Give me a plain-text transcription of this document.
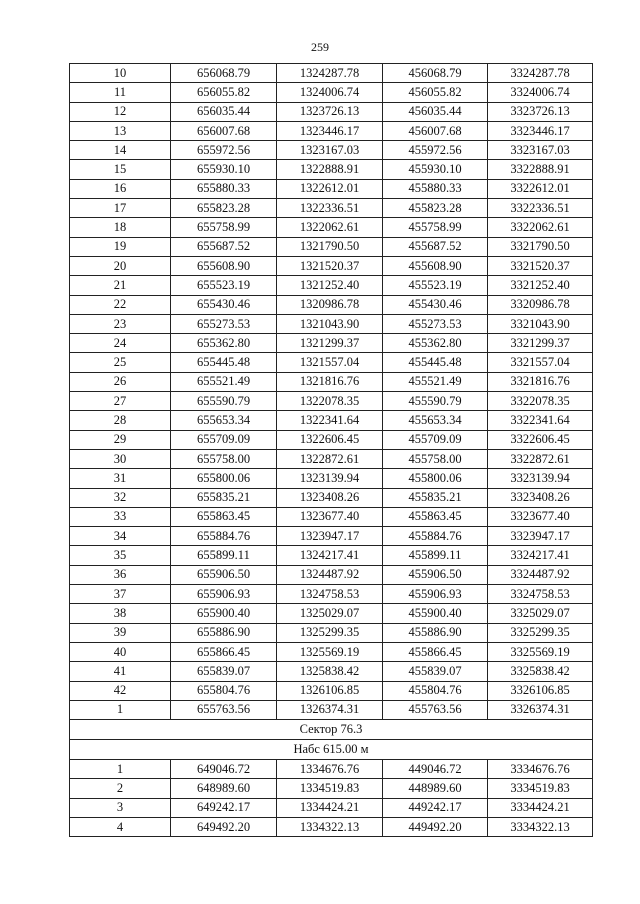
259
10	656068.79	1324287.78	456068.79	3324287.78
11	656055.82	1324006.74	456055.82	3324006.74
12	656035.44	1323726.13	456035.44	3323726.13
13	656007.68	1323446.17	456007.68	3323446.17
14	655972.56	1323167.03	455972.56	3323167.03
15	655930.10	1322888.91	455930.10	3322888.91
16	655880.33	1322612.01	455880.33	3322612.01
17	655823.28	1322336.51	455823.28	3322336.51
18	655758.99	1322062.61	455758.99	3322062.61
19	655687.52	1321790.50	455687.52	3321790.50
20	655608.90	1321520.37	455608.90	3321520.37
21	655523.19	1321252.40	455523.19	3321252.40
22	655430.46	1320986.78	455430.46	3320986.78
23	655273.53	1321043.90	455273.53	3321043.90
24	655362.80	1321299.37	455362.80	3321299.37
25	655445.48	1321557.04	455445.48	3321557.04
26	655521.49	1321816.76	455521.49	3321816.76
27	655590.79	1322078.35	455590.79	3322078.35
28	655653.34	1322341.64	455653.34	3322341.64
29	655709.09	1322606.45	455709.09	3322606.45
30	655758.00	1322872.61	455758.00	3322872.61
31	655800.06	1323139.94	455800.06	3323139.94
32	655835.21	1323408.26	455835.21	3323408.26
33	655863.45	1323677.40	455863.45	3323677.40
34	655884.76	1323947.17	455884.76	3323947.17
35	655899.11	1324217.41	455899.11	3324217.41
36	655906.50	1324487.92	455906.50	3324487.92
37	655906.93	1324758.53	455906.93	3324758.53
38	655900.40	1325029.07	455900.40	3325029.07
39	655886.90	1325299.35	455886.90	3325299.35
40	655866.45	1325569.19	455866.45	3325569.19
41	655839.07	1325838.42	455839.07	3325838.42
42	655804.76	1326106.85	455804.76	3326106.85
1	655763.56	1326374.31	455763.56	3326374.31
Сектор 76.3				
Набс 615.00 м				
1	649046.72	1334676.76	449046.72	3334676.76
2	648989.60	1334519.83	448989.60	3334519.83
3	649242.17	1334424.21	449242.17	3334424.21
4	649492.20	1334322.13	449492.20	3334322.13
